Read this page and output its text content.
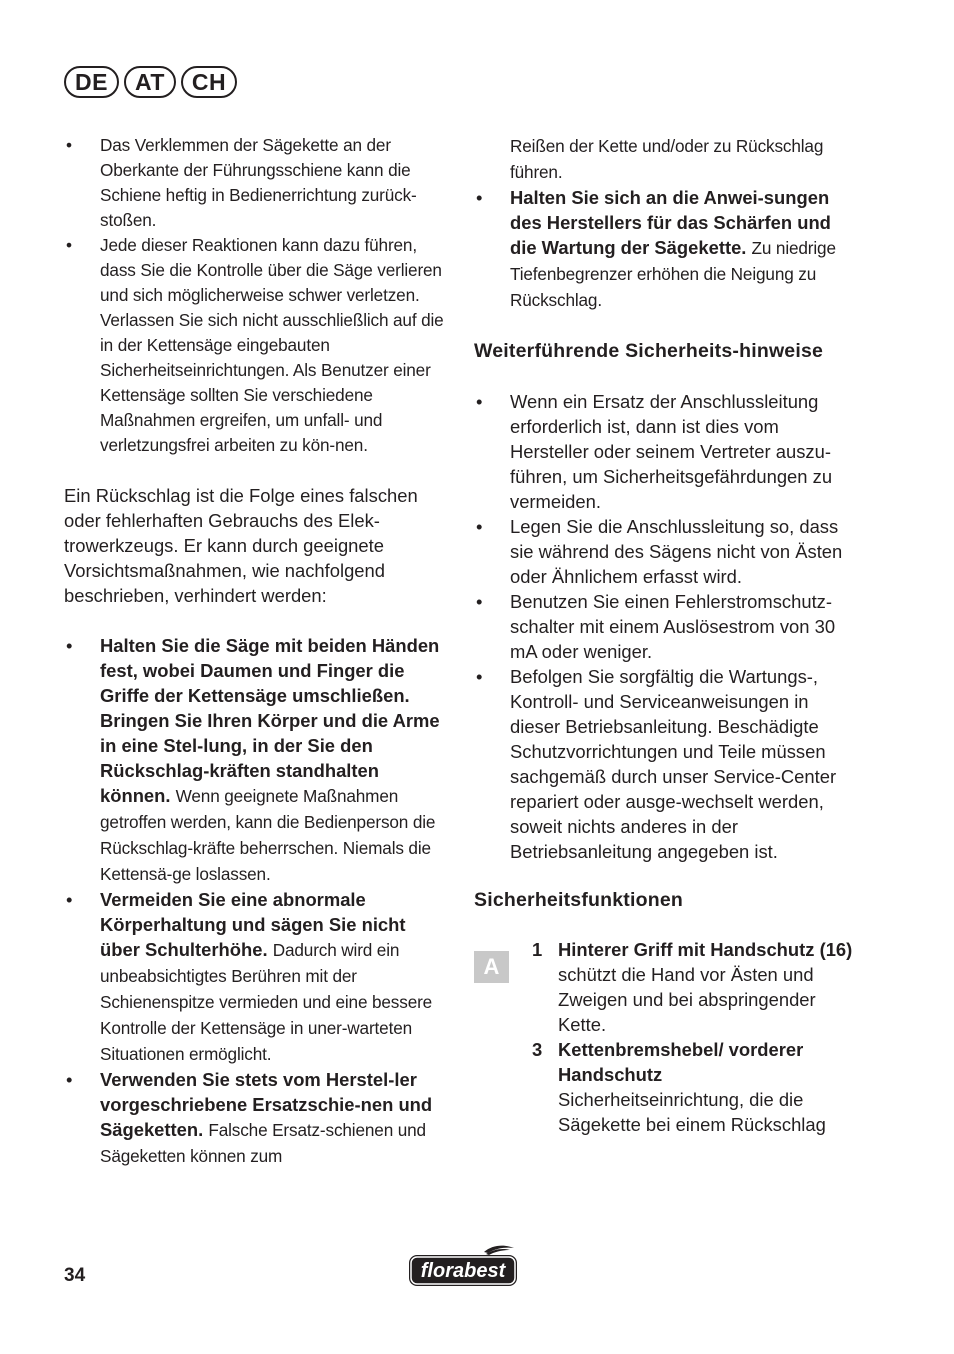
DE	AT	CH
• Das Verklemmen der Sägekette an der Oberkante der Führungsschiene kann die Schiene heftig in Bedienerrichtung zurück-stoßen.
• Jede dieser Reaktionen kann dazu führen, dass Sie die Kontrolle über die Säge verlieren und sich möglicherweise schwer verletzen. Verlassen Sie sich nicht ausschließlich auf die in der Kettensäge eingebauten Sicherheitseinrichtungen. Als Benutzer einer Kettensäge sollten Sie verschiedene Maßnahmen ergreifen, um unfall- und verletzungsfrei arbeiten zu kön-nen.

Ein Rückschlag ist die Folge eines falschen oder fehlerhaften Gebrauchs des Elek-trowerkzeugs. Er kann durch geeignete Vorsichtsmaßnahmen, wie nachfolgend beschrieben, verhindert werden:

• Halten Sie die Säge mit beiden Händen fest, wobei Daumen und Finger die Griffe der Kettensäge umschließen. Bringen Sie Ihren Körper und die Arme in eine Stel-lung, in der Sie den Rückschlag-kräften standhalten können. Wenn geeignete Maßnahmen getroffen werden, kann die Bedienperson die Rückschlag-kräfte beherrschen. Niemals die Kettensä-ge loslassen.
• Vermeiden Sie eine abnormale Körperhaltung und sägen Sie nicht über Schulterhöhe. Dadurch wird ein unbeabsichtigtes Berühren mit der Schienenspitze vermieden und eine bessere Kontrolle der Kettensäge in uner-warteten Situationen ermöglicht.
• Verwenden Sie stets vom Herstel-ler vorgeschriebene Ersatzschie-nen und Sägeketten. Falsche Ersatz-schienen und Sägeketten können zum
Reißen der Kette und/oder zu Rückschlag führen.
• Halten Sie sich an die Anwei-sungen des Herstellers für das Schärfen und die Wartung der Sägekette. Zu niedrige Tiefenbegrenzer erhöhen die Neigung zu Rückschlag.
Weiterführende Sicherheits-hinweise
• Wenn ein Ersatz der Anschlussleitung erforderlich ist, dann ist dies vom Hersteller oder seinem Vertreter auszu-führen, um Sicherheitsgefährdungen zu vermeiden.
• Legen Sie die Anschlussleitung so, dass sie während des Sägens nicht von Ästen oder Ähnlichem erfasst wird.
• Benutzen Sie einen Fehlerstromschutz-schalter mit einem Auslösestrom von 30 mA oder weniger.
• Befolgen Sie sorgfältig die Wartungs-, Kontroll- und Serviceanweisungen in dieser Betriebsanleitung. Beschädigte Schutzvorrichtungen und Teile müssen sachgemäß durch unser Service-Center repariert oder ausge-wechselt werden, soweit nichts anderes in der Betriebsanleitung angegeben ist.
Sicherheitsfunktionen
A
1 Hinterer Griff mit Handschutz (16)
schützt die Hand vor Ästen und Zweigen und bei abspringender Kette.
3 Kettenbremshebel/ vorderer Handschutz
Sicherheitseinrichtung, die die Sägekette bei einem Rückschlag
34	florabest
